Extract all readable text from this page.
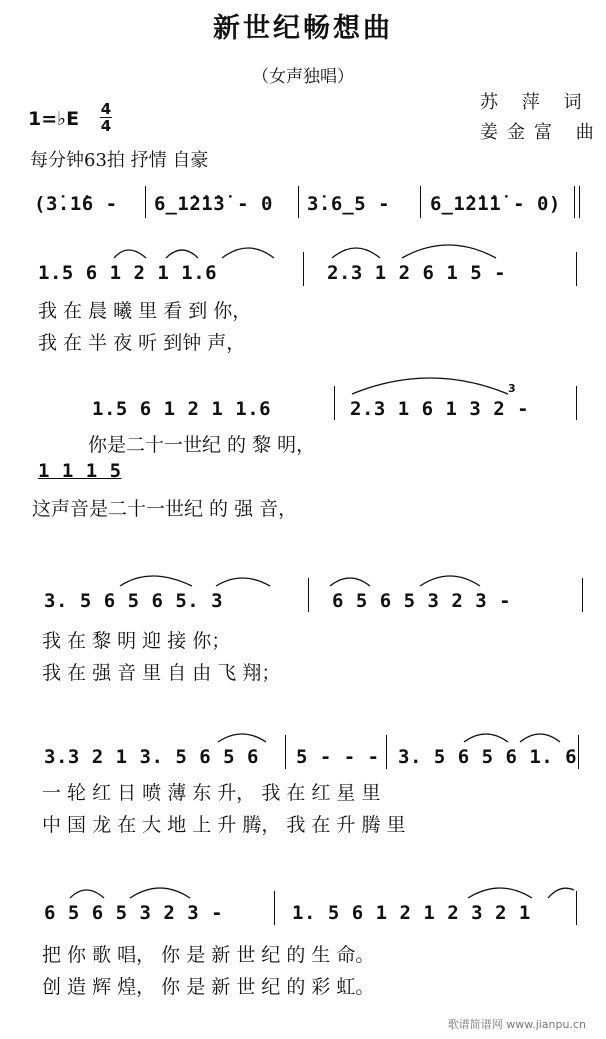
新世纪畅想曲
（女声独唱）
苏 萍 词
姜金富 曲
1=♭E	4
4
每分钟63拍 抒情 自豪
(3̇.1̇6 - 6̲1̇2̇1̇3̇ - 0 3̇.6̲5 - 6̲1̇2̇1̇1̇ - 0)
1.5 6 1 2 1 1.6	2.3 1 2 6 1 5 -
我 在 晨 曦 里 看 到 你，
我 在 半 夜 听 到钟 声，
1.5 6 1 2 1 1.6	2.3 1 6 1 3 2 -
3
你是二十一世纪 的 黎 明，
1 1 1 5
这声音是二十一世纪 的 强 音，
3. 5 6 5 6 5. 3	6 5 6 5 3 2 3 -
我 在 黎 明 迎 接 你；
我 在 强 音 里 自 由 飞 翔；
3.3 2 1 3. 5 6 5 6 5 - - - 3. 5 6 5 6 1. 6
一 轮 红 日 喷 薄 东 升， 我 在 红 星 里
中 国 龙 在 大 地 上 升 腾， 我 在 升 腾 里
6 5 6 5 3 2 3 -	1. 5 6 1 2 1 2 3 2 1
把 你 歌 唱， 你 是 新 世 纪 的 生 命。
创 造 辉 煌， 你 是 新 世 纪 的 彩 虹。
歌谱简谱网 www.jianpu.cn
